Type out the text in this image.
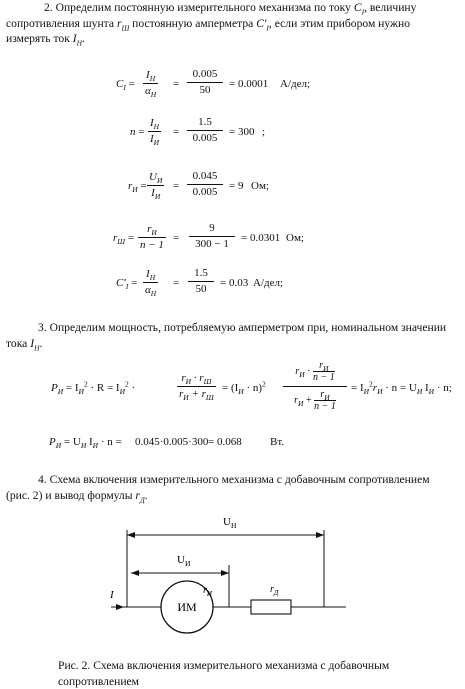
2. Определим постоянную измерительного механизма по току $C_I$, величину
сопротивления шунта $r_Ш$ постоянную амперметра $C'_I$, если этим прибором нужно
измерять ток $I_Н$.
$C_I$ =
$I_Н$
$\alpha_Н$
= $\frac{0.005}{50} = 0.0001$ А/дел;
n =
$I_Н$
$I_И$
= $\frac{1.5}{0.005} = 300$ ;
$r_И$ =
$U_И$
$I_И$
= $\frac{0.045}{0.005} = 9$ Ом;
$r_Ш$ =
$r_И$
n − 1
= $\frac{9}{300 - 1} = 0.0301$ Ом;
$C'_I$ =
$I_Н$
$\alpha_Н$
= $\frac{1.5}{50} = 0.03$ А/дел;
3. Определим мощность, потребляемую амперметром при, номинальном значении
тока $I_Н$.
$P_И = I_И^2 \cdot R = I_И^2$ ·
$r_И \cdot r_Ш$
$r_И + r_Ш$
= $(I_И \cdot n)^2$
$r_И$ ·
$r_И$
n − 1
$r_И$ +
$r_И$
n − 1
= $I_И^2r_И \cdot n = U_И$ $I_И \cdot n$;
$P_И = U_И$ $I_И \cdot n = 0.045\cdot 0.005\cdot 300 = 0.068$	Вт.
4. Схема включения измерительного механизма с добавочным сопротивлением
(рис. 2) и вывод формулы $r_Д$.
$U_Н$
$U_И$
I
ИМ
$r_И$	$r_Д$
Рис. 2. Схема включения измерительного механизма с добавочным
сопротивлением
